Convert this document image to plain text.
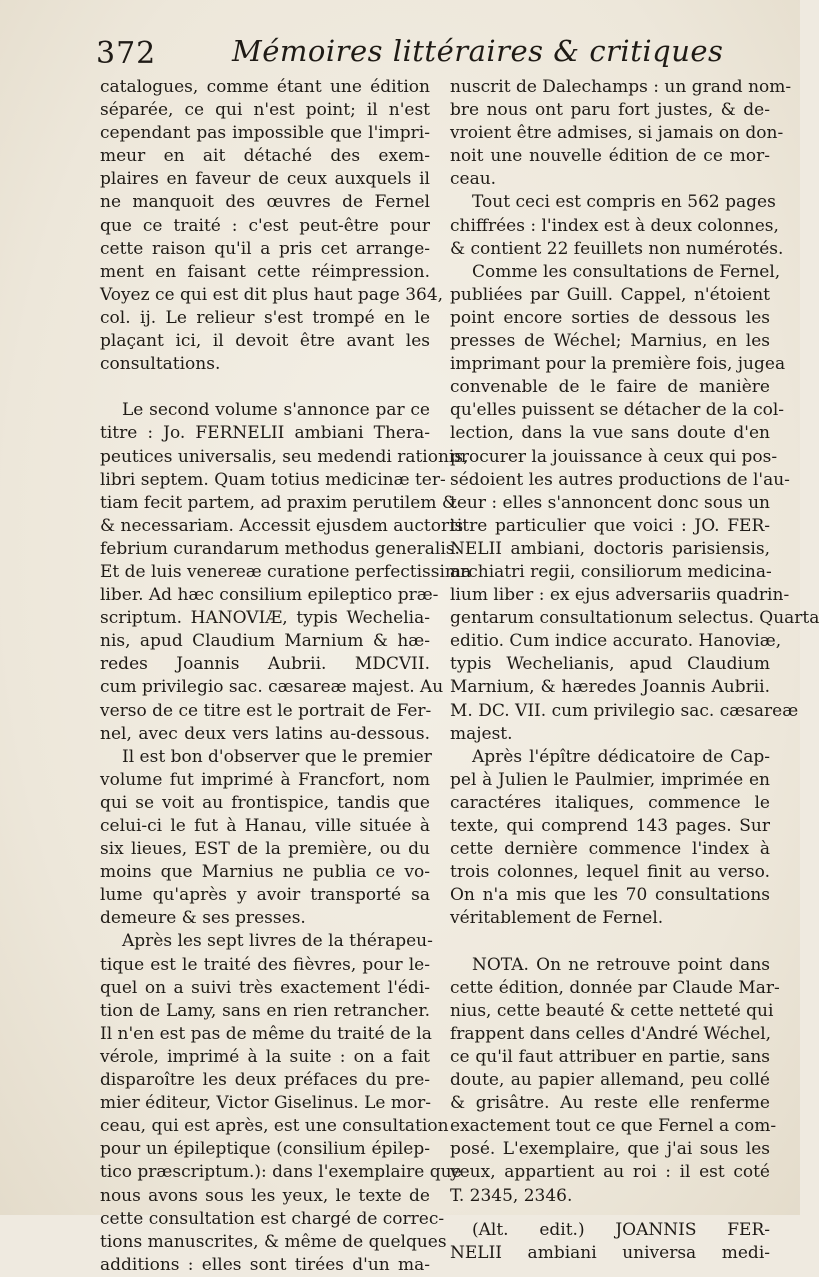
372	Mémoires littéraires & critiques
catalogues, comme étant une édition
séparée, ce qui n'est point; il n'est
cependant pas impossible que l'impri-
meur en ait détaché des exem-
plaires en faveur de ceux auxquels il
ne manquoit des œuvres de Fernel
que ce traité : c'est peut-être pour
cette raison qu'il a pris cet arrange-
ment en faisant cette réimpression.
Voyez ce qui est dit plus haut page 364,
col. ij. Le relieur s'est trompé en le
plaçant ici, il devoit être avant les
consultations.
Le second volume s'annonce par ce
titre : Jo. FERNELII ambiani Thera-
peutices universalis, seu medendi rationis,
libri septem. Quam totius medicinæ ter-
tiam fecit partem, ad praxim perutilem &
& necessariam. Accessit ejusdem auctoris
febrium curandarum methodus generalis.
Et de luis venereæ curatione perfectissima
liber. Ad hæc consilium epileptico præ-
scriptum. HANOVIÆ, typis Wecheliа-
nis, apud Claudium Marnium & hæ-
redes Joannis Aubrii. MDCVII.
cum privilegio sac. cæsareæ majest. Au
verso de ce titre est le portrait de Fer-
nel, avec deux vers latins au-dessous.
Il est bon d'observer que le premier
volume fut imprimé à Francfort, nom
qui se voit au frontispice, tandis que
celui-ci le fut à Hanau, ville située à
six lieues, EST de la première, ou du
moins que Marnius ne publia ce vo-
lume qu'après y avoir transporté sa
demeure & ses presses.
Après les sept livres de la thérapeu-
tique est le traité des fièvres, pour le-
quel on a suivi très exactement l'édi-
tion de Lamy, sans en rien retrancher.
Il n'en est pas de même du traité de la
vérole, imprimé à la suite : on a fait
disparoître les deux préfaces du pre-
mier éditeur, Victor Giselinus. Le mor-
ceau, qui est après, est une consultation
pour un épileptique (consilium épilep-
tico præscriptum.): dans l'exemplaire que
nous avons sous les yeux, le texte de
cette consultation est chargé de correc-
tions manuscrites, & même de quelques
additions : elles sont tirées d'un ma-
nuscrit de Dalechamps : un grand nom-
bre nous ont paru fort justes, & de-
vroient être admises, si jamais on don-
noit une nouvelle édition de ce mor-
ceau.
Tout ceci est compris en 562 pages
chiffrées : l'index est à deux colonnes,
& contient 22 feuillets non numérotés.
Comme les consultations de Fernel,
publiées par Guill. Cappel, n'étoient
point encore sorties de dessous les
presses de Wéchel; Marnius, en les
imprimant pour la première fois, jugea
convenable de le faire de manière
qu'elles puissent se détacher de la col-
lection, dans la vue sans doute d'en
procurer la jouissance à ceux qui pos-
sédoient les autres productions de l'au-
teur : elles s'annoncent donc sous un
titre particulier que voici : JO. FER-
NELII ambiani, doctoris parisiensis,
archiatri regii, consiliorum medicina-
lium liber : ex ejus adversariis quadrin-
gentarum consultationum selectus. Quarta
editio. Cum indice accurato. Hanoviæ,
typis Wechelianis, apud Claudium
Marnium, & hæredes Joannis Aubrii.
M. DC. VII. cum privilegio sac. cæsareæ
majest.
Après l'épître dédicatoire de Cap-
pel à Julien le Paulmier, imprimée en
caractéres italiques, commence le
texte, qui comprend 143 pages. Sur
cette dernière commence l'index à
trois colonnes, lequel finit au verso.
On n'a mis que les 70 consultations
véritablement de Fernel.
NOTA. On ne retrouve point dans
cette édition, donnée par Claude Mar-
nius, cette beauté & cette netteté qui
frappent dans celles d'André Wéchel,
ce qu'il faut attribuer en partie, sans
doute, au papier allemand, peu collé
& grisâtre. Au reste elle renferme
exactement tout ce que Fernel a com-
posé. L'exemplaire, que j'ai sous les
yeux, appartient au roi : il est coté
T. 2345, 2346.
(Alt. edit.) JOANNIS FER-
NELII ambiani universa medi-
